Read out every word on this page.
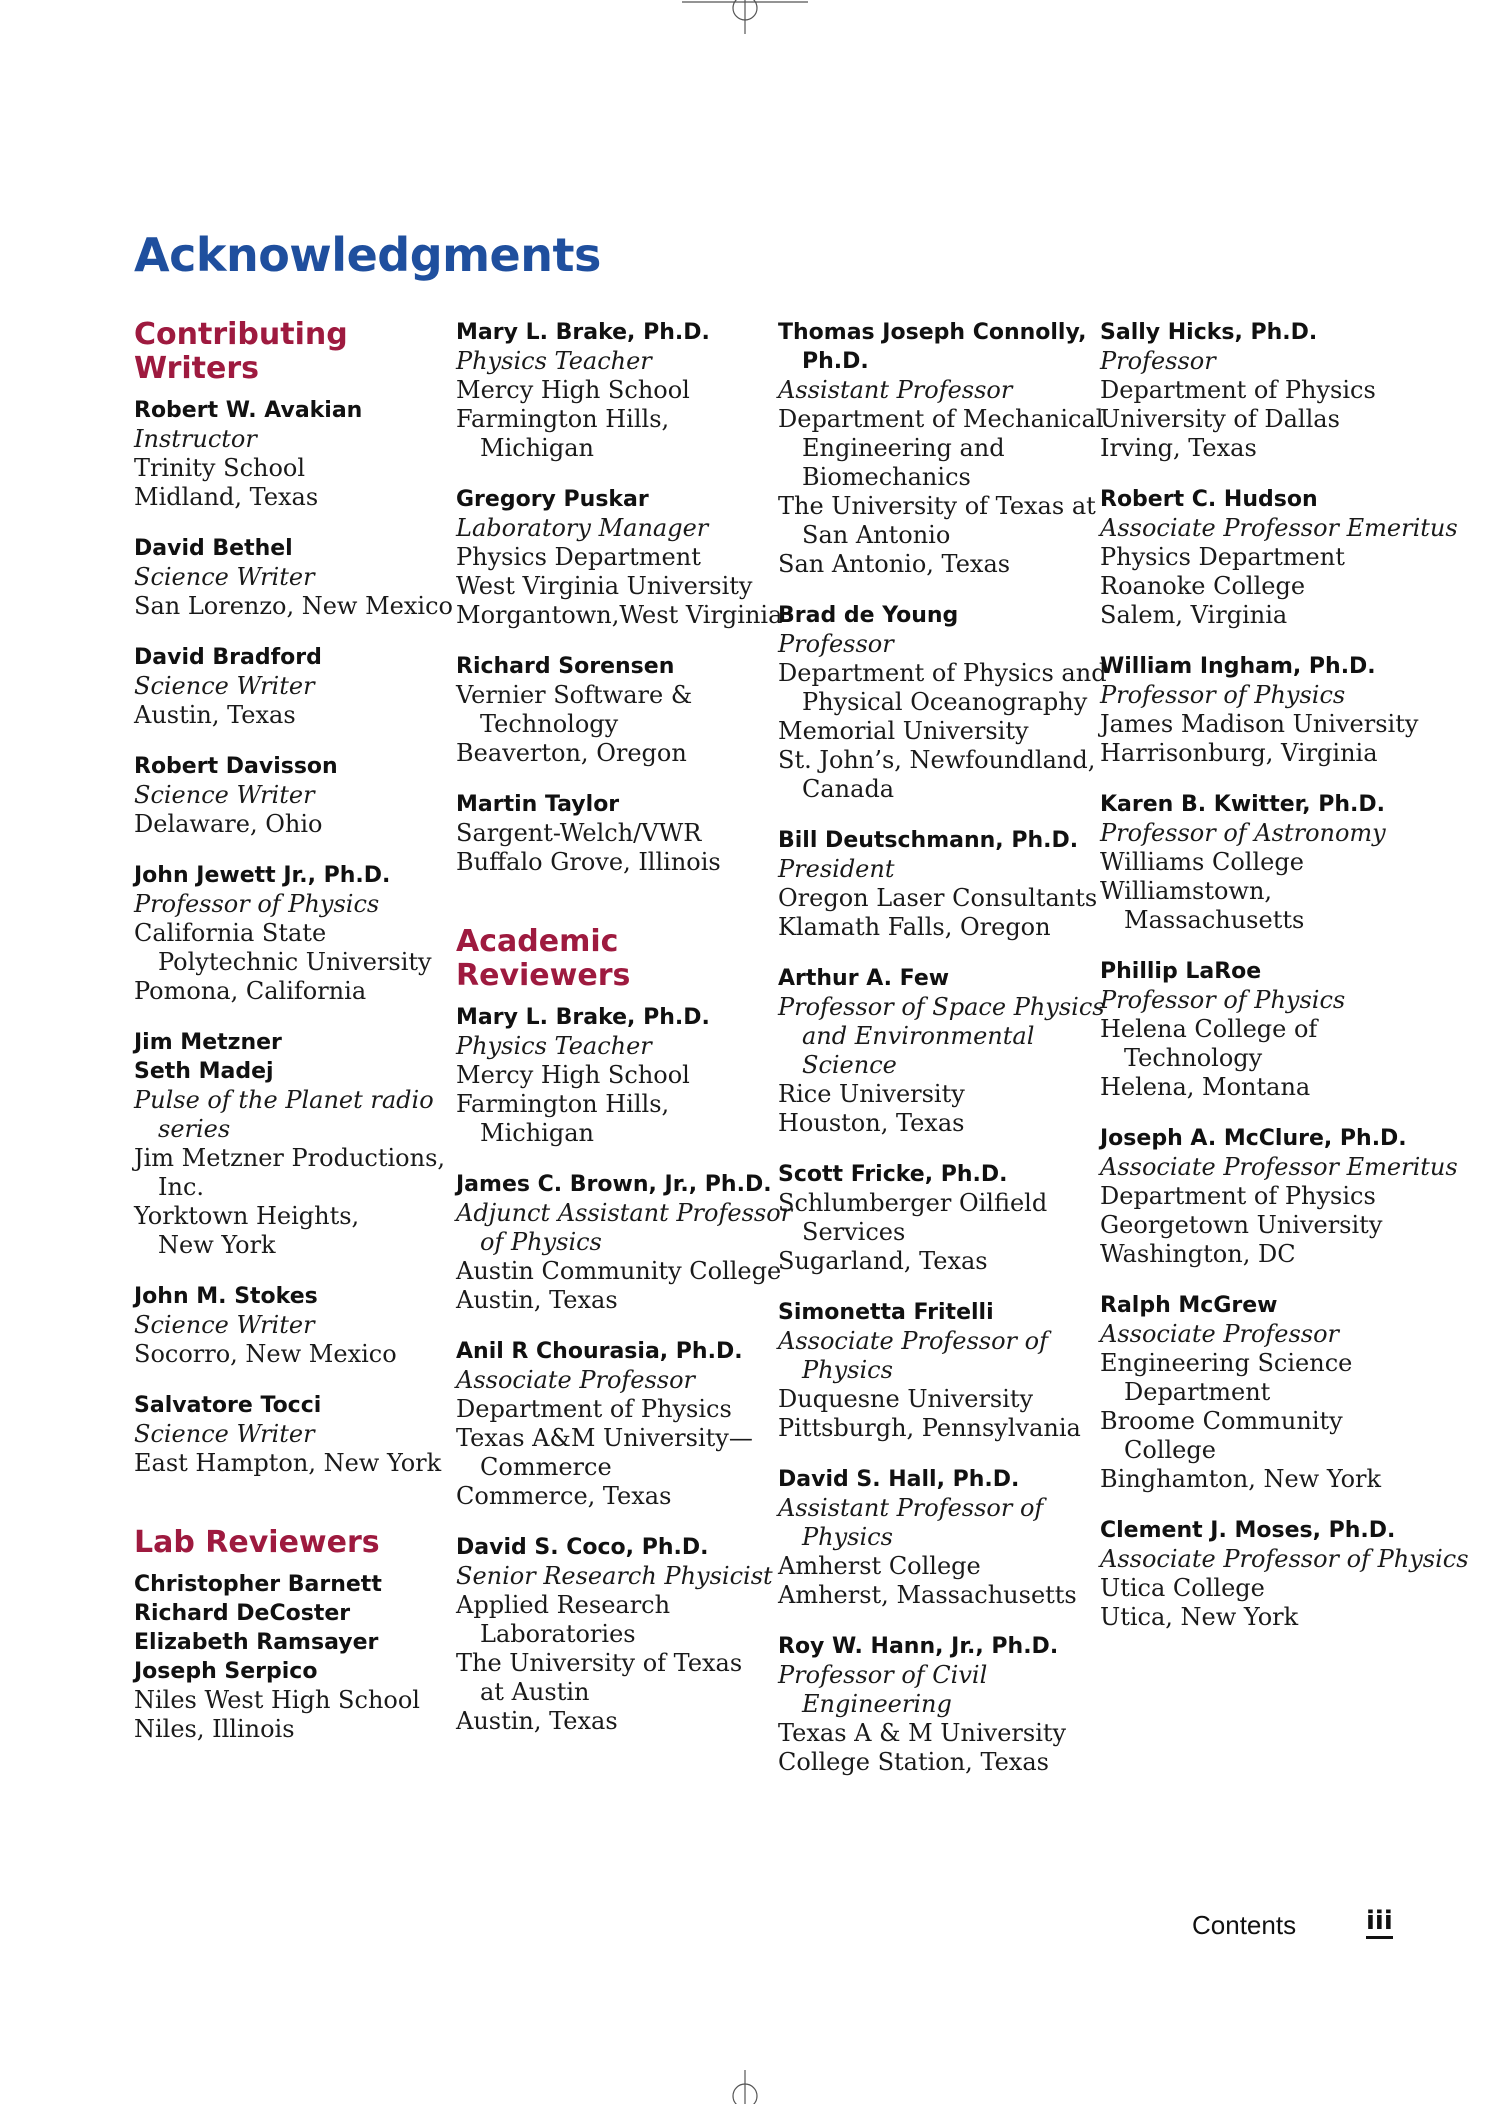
Acknowledgments
Contributing Writers
Robert W. Avakian
Instructor
Trinity School
Midland, Texas
David Bethel
Science Writer
San Lorenzo, New Mexico
David Bradford
Science Writer
Austin, Texas
Robert Davisson
Science Writer
Delaware, Ohio
John Jewett Jr., Ph.D.
Professor of Physics
California State
Polytechnic University
Pomona, California
Jim Metzner
Seth Madej
Pulse of the Planet radio
series
Jim Metzner Productions,
Inc.
Yorktown Heights,
New York
John M. Stokes
Science Writer
Socorro, New Mexico
Salvatore Tocci
Science Writer
East Hampton, New York
Lab Reviewers
Christopher Barnett
Richard DeCoster
Elizabeth Ramsayer
Joseph Serpico
Niles West High School
Niles, Illinois
Mary L. Brake, Ph.D.
Physics Teacher
Mercy High School
Farmington Hills,
Michigan
Gregory Puskar
Laboratory Manager
Physics Department
West Virginia University
Morgantown,West Virginia
Richard Sorensen
Vernier Software &
Technology
Beaverton, Oregon
Martin Taylor
Sargent-Welch/VWR
Buffalo Grove, Illinois
Academic Reviewers
Mary L. Brake, Ph.D.
Physics Teacher
Mercy High School
Farmington Hills,
Michigan
James C. Brown, Jr., Ph.D.
Adjunct Assistant Professor
of Physics
Austin Community College
Austin, Texas
Anil R Chourasia, Ph.D.
Associate Professor
Department of Physics
Texas A&M University—
Commerce
Commerce, Texas
David S. Coco, Ph.D.
Senior Research Physicist
Applied Research
Laboratories
The University of Texas
at Austin
Austin, Texas
Thomas Joseph Connolly,
Ph.D.
Assistant Professor
Department of Mechanical
Engineering and
Biomechanics
The University of Texas at
San Antonio
San Antonio, Texas
Brad de Young
Professor
Department of Physics and
Physical Oceanography
Memorial University
St. John’s, Newfoundland,
Canada
Bill Deutschmann, Ph.D.
President
Oregon Laser Consultants
Klamath Falls, Oregon
Arthur A. Few
Professor of Space Physics
and Environmental
Science
Rice University
Houston, Texas
Scott Fricke, Ph.D.
Schlumberger Oilfield
Services
Sugarland, Texas
Simonetta Fritelli
Associate Professor of
Physics
Duquesne University
Pittsburgh, Pennsylvania
David S. Hall, Ph.D.
Assistant Professor of
Physics
Amherst College
Amherst, Massachusetts
Roy W. Hann, Jr., Ph.D.
Professor of Civil
Engineering
Texas A & M University
College Station, Texas
Sally Hicks, Ph.D.
Professor
Department of Physics
University of Dallas
Irving, Texas
Robert C. Hudson
Associate Professor Emeritus
Physics Department
Roanoke College
Salem, Virginia
William Ingham, Ph.D.
Professor of Physics
James Madison University
Harrisonburg, Virginia
Karen B. Kwitter, Ph.D.
Professor of Astronomy
Williams College
Williamstown,
Massachusetts
Phillip LaRoe
Professor of Physics
Helena College of
Technology
Helena, Montana
Joseph A. McClure, Ph.D.
Associate Professor Emeritus
Department of Physics
Georgetown University
Washington, DC
Ralph McGrew
Associate Professor
Engineering Science
Department
Broome Community
College
Binghamton, New York
Clement J. Moses, Ph.D.
Associate Professor of Physics
Utica College
Utica, New York
Contents	iii
